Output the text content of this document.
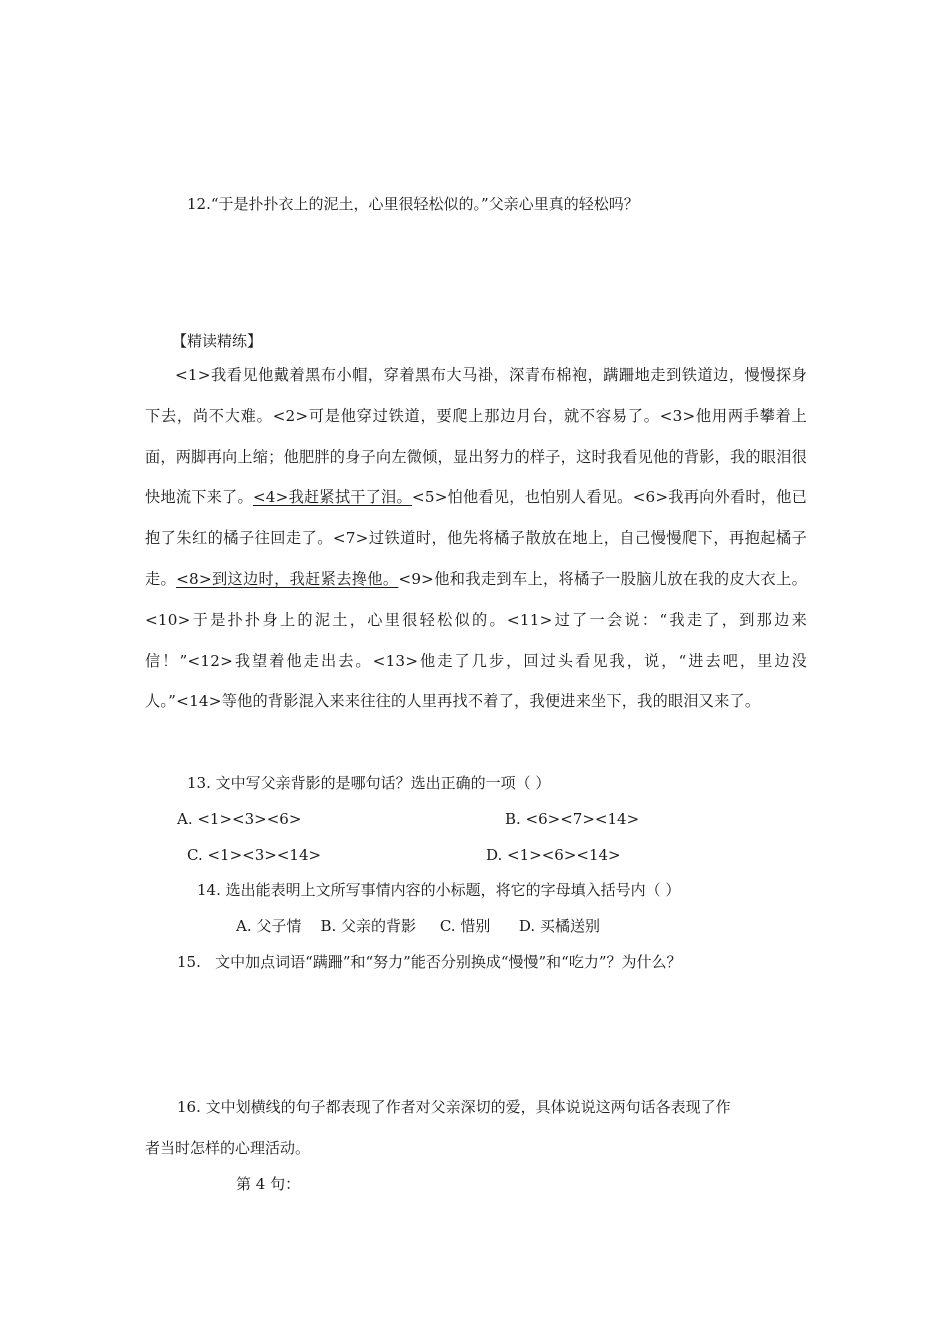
12.“于是扑扑衣上的泥土，心里很轻松似的。”父亲心里真的轻松吗？
【精读精练】
<1>我看见他戴着黑布小帽，穿着黑布大马褂，深青布棉袍，蹒跚地走到铁道边，慢慢探身下去，尚不大难。<2>可是他穿过铁道，要爬上那边月台，就不容易了。<3>他用两手攀着上面，两脚再向上缩；他肥胖的身子向左微倾，显出努力的样子，这时我看见他的背影，我的眼泪很快地流下来了。<4>我赶紧拭干了泪。<5>怕他看见，也怕别人看见。<6>我再向外看时，他已抱了朱红的橘子往回走了。<7>过铁道时，他先将橘子散放在地上，自己慢慢爬下，再抱起橘子走。<8>到这边时，我赶紧去搀他。<9>他和我走到车上，将橘子一股脑儿放在我的皮大衣上。<10>于是扑扑身上的泥土，心里很轻松似的。<11>过了一会说：“我走了，到那边来信！”<12>我望着他走出去。<13>他走了几步，回过头看见我，说，“进去吧，里边没人。”<14>等他的背影混入来来往往的人里再找不着了，我便进来坐下，我的眼泪又来了。
13. 文中写父亲背影的是哪句话？选出正确的一项（ ）
A. <1><3><6>	B. <6><7><14>
C. <1><3><14>	D. <1><6><14>
14. 选出能表明上文所写事情内容的小标题，将它的字母填入括号内（ ）
A. 父子情    B. 父亲的背影     C. 惜别      D. 买橘送别
15.   文中加点词语“蹒跚”和“努力”能否分别换成“慢慢”和“吃力”？为什么？
16. 文中划横线的句子都表现了作者对父亲深切的爱，具体说说这两句话各表现了作
者当时怎样的心理活动。
第 4 句：
